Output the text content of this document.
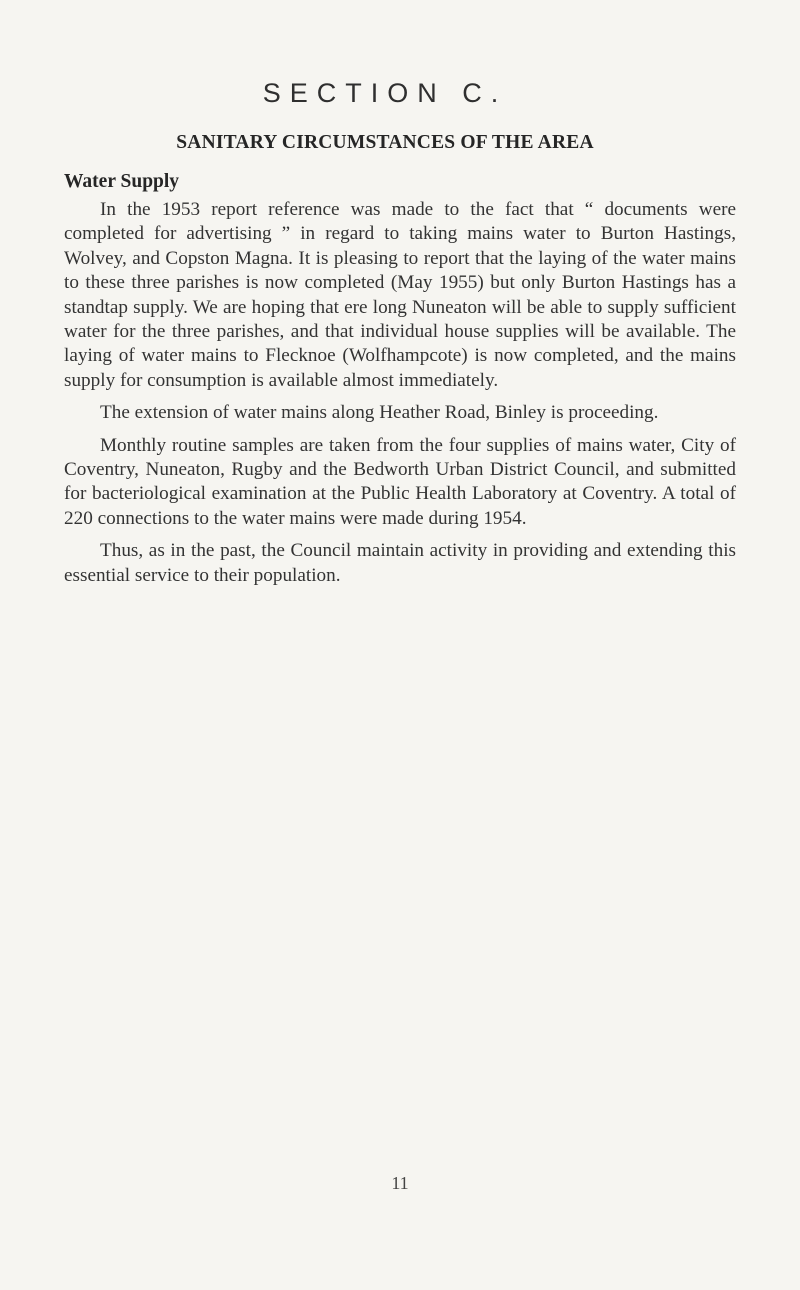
SECTION C.
SANITARY CIRCUMSTANCES OF THE AREA
Water Supply

In the 1953 report reference was made to the fact that “ documents were completed for advertising ” in regard to taking mains water to Burton Hastings, Wolvey, and Copston Magna. It is pleasing to report that the laying of the water mains to these three parishes is now completed (May 1955) but only Burton Hastings has a standtap supply. We are hoping that ere long Nuneaton will be able to supply sufficient water for the three parishes, and that individual house supplies will be available. The laying of water mains to Flecknoe (Wolfhampcote) is now completed, and the mains supply for consumption is available almost immediately.

The extension of water mains along Heather Road, Binley is proceeding.

Monthly routine samples are taken from the four supplies of mains water, City of Coventry, Nuneaton, Rugby and the Bedworth Urban District Council, and submitted for bacteriological examination at the Public Health Laboratory at Coventry. A total of 220 connections to the water mains were made during 1954.

Thus, as in the past, the Council maintain activity in providing and extending this essential service to their population.

11
